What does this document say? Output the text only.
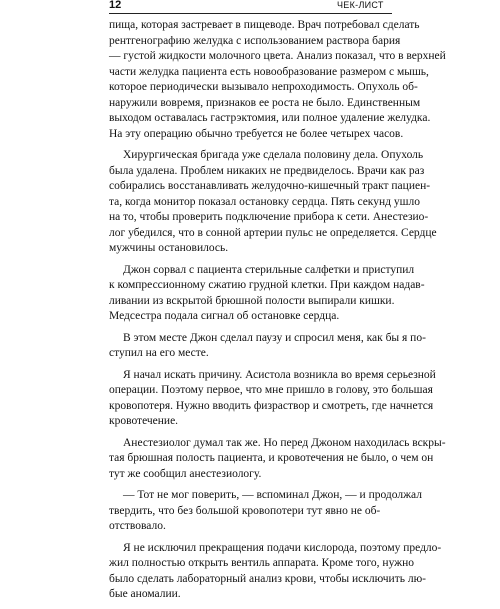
12	ЧЕК-ЛИСТ

пища, которая застревает в пищеводе. Врач потребовал сделать
рентгенографию желудка с использованием раствора бария
— густой жидкости молочного цвета. Анализ показал, что в верхней
части желудка пациента есть новообразование размером с мышь,
которое периодически вызывало непроходимость. Опухоль об-
наружили вовремя, признаков ее роста не было. Единственным
выходом оставалась гастрэктомия, или полное удаление желудка.
На эту операцию обычно требуется не более четырех часов.

Хирургическая бригада уже сделала половину дела. Опухоль
была удалена. Проблем никаких не предвиделось. Врачи как раз
собирались восстанавливать желудочно-кишечный тракт пациен-
та, когда монитор показал остановку сердца. Пять секунд ушло
на то, чтобы проверить подключение прибора к сети. Анестезио-
лог убедился, что в сонной артерии пульс не определяется. Сердце
мужчины остановилось.

Джон сорвал с пациента стерильные салфетки и приступил
к компрессионному сжатию грудной клетки. При каждом надав-
ливании из вскрытой брюшной полости выпирали кишки.
Медсестра подала сигнал об остановке сердца.

В этом месте Джон сделал паузу и спросил меня, как бы я по-
ступил на его месте.

Я начал искать причину. Асистола возникла во время серьезной
операции. Поэтому первое, что мне пришло в голову, это большая
кровопотеря. Нужно вводить физраствор и смотреть, где начнется
кровотечение.

Анестезиолог думал так же. Но перед Джоном находилась вскры-
тая брюшная полость пациента, и кровотечения не было, о чем он
тут же сообщил анестезиологу.

— Тот не мог поверить, — вспоминал Джон, — и продолжал
твердить, что без большой кровопотери тут явно не об-
отствовало.

Я не исключил прекращения подачи кислорода, поэтому предло-
жил полностью открыть вентиль аппарата. Кроме того, нужно
было сделать лабораторный анализ крови, чтобы исключить лю-
бые аномалии.
